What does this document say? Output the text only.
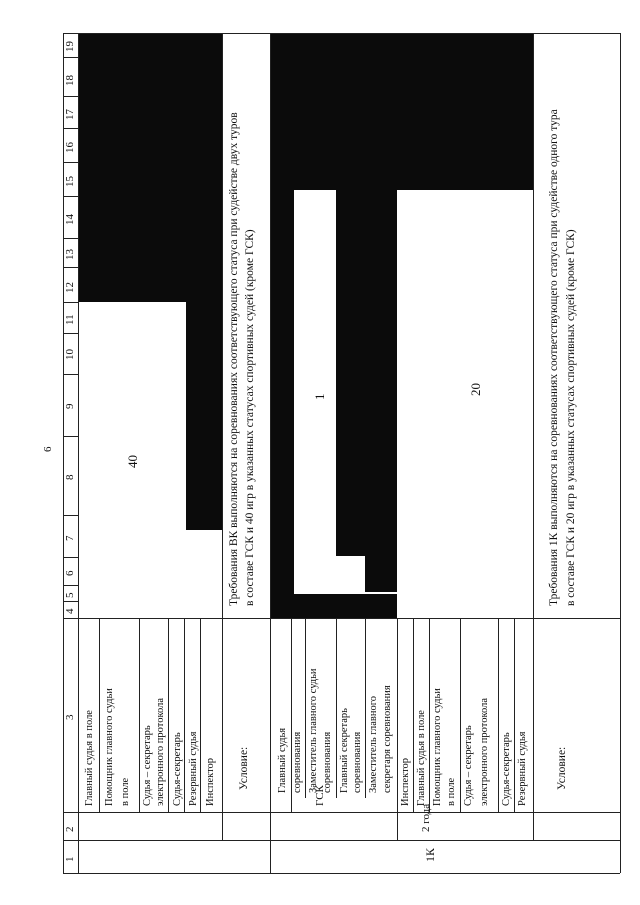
6
1
2
3
4
5
6
7
8
9
10
11
12
13
14
15
16
17
18
19
Главный судья в поле Помощник главного судьи в поле Судья – секретарь электронного протокола Судья-секретарь Резервный судья Инспектор
40
Условие:
Требования ВК выполняются на соревнованиях соответствующего статуса при судействе двух туров в составе ГСК и 40 игр в указанных статусах спортивных судей (кроме ГСК)
1К
2 года
ГСК
Главный судья соревнования Заместитель главного судьи соревнования Главный секретарь соревнования Заместитель главного секретаря соревнования
1
Инспектор Главный судья в поле Помощник главного судьи в поле Судья – секретарь электронного протокола Судья-секретарь Резервный судья
20
Условие:
Требования 1К выполняются на соревнованиях соответствующего статуса при судействе одного тура в составе ГСК и 20 игр в указанных статусах спортивных судей (кроме ГСК)
